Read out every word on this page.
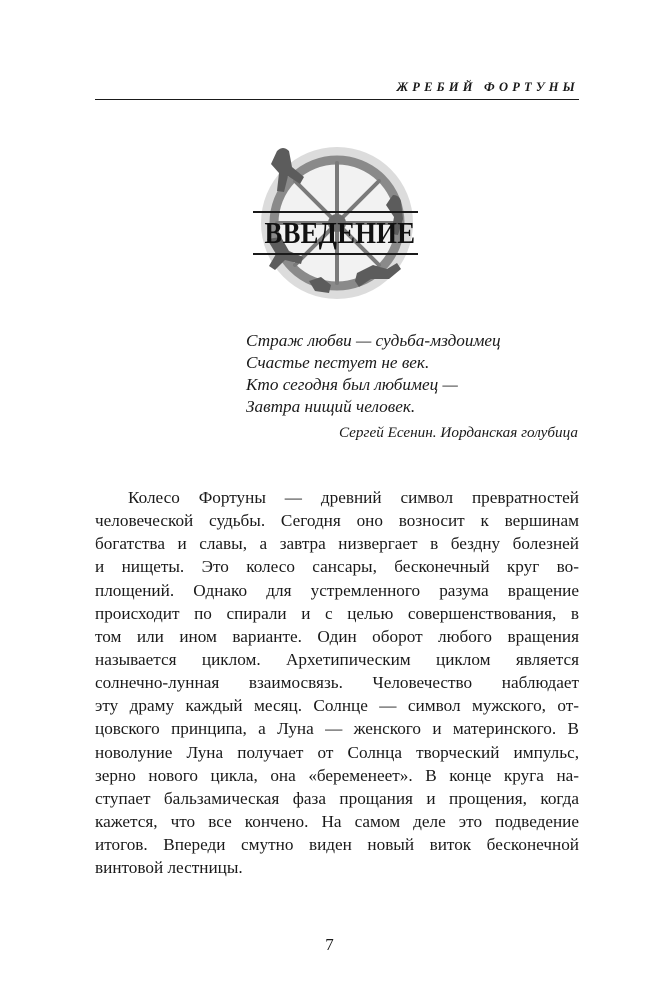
ЖРЕБИЙ ФОРТУНЫ
ВВЕДЕНИЕ
Страж любви — судьба-мздоимец
Счастье пестует не век.
Кто сегодня был любимец —
Завтра нищий человек.
Сергей Есенин. Иорданская голубица
Колесо Фортуны — древний символ превратностей
человеческой судьбы. Сегодня оно возносит к вершинам
богатства и славы, а завтра низвергает в бездну болезней
и нищеты. Это колесо сансары, бесконечный круг во-
площений. Однако для устремленного разума вращение
происходит по спирали и с целью совершенствования, в
том или ином варианте. Один оборот любого вращения
называется циклом. Архетипическим циклом является
солнечно-лунная взаимосвязь. Человечество наблюдает
эту драму каждый месяц. Солнце — символ мужского, от-
цовского принципа, а Луна — женского и материнского. В
новолуние Луна получает от Солнца творческий импульс,
зерно нового цикла, она «беременеет». В конце круга на-
ступает бальзамическая фаза прощания и прощения, когда
кажется, что все кончено. На самом деле это подведение
итогов. Впереди смутно виден новый виток бесконечной
винтовой лестницы.
7
